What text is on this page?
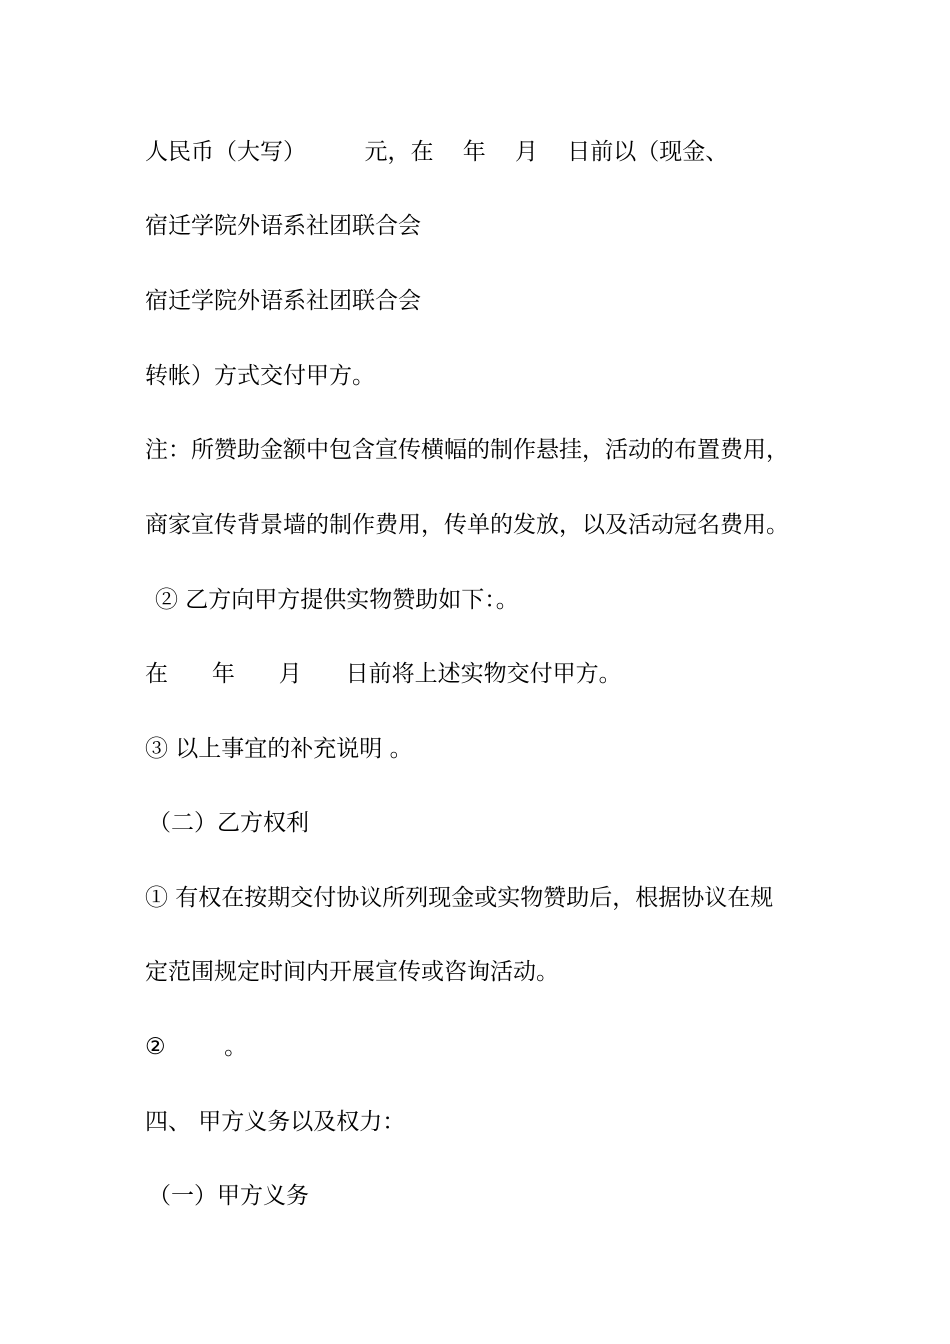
人民币（大写）        元，在    年    月    日前以（现金、
宿迁学院外语系社团联合会
宿迁学院外语系社团联合会
转帐）方式交付甲方。
注：所赞助金额中包含宣传横幅的制作悬挂，活动的布置费用，
商家宣传背景墙的制作费用，传单的发放，以及活动冠名费用。
② 乙方向甲方提供实物赞助如下：。
在      年      月      日前将上述实物交付甲方。
③ 以上事宜的补充说明 。
（二）乙方权利
① 有权在按期交付协议所列现金或实物赞助后，根据协议在规
定范围规定时间内开展宣传或咨询活动。
②        。
四、 甲方义务以及权力：
（一）甲方义务
